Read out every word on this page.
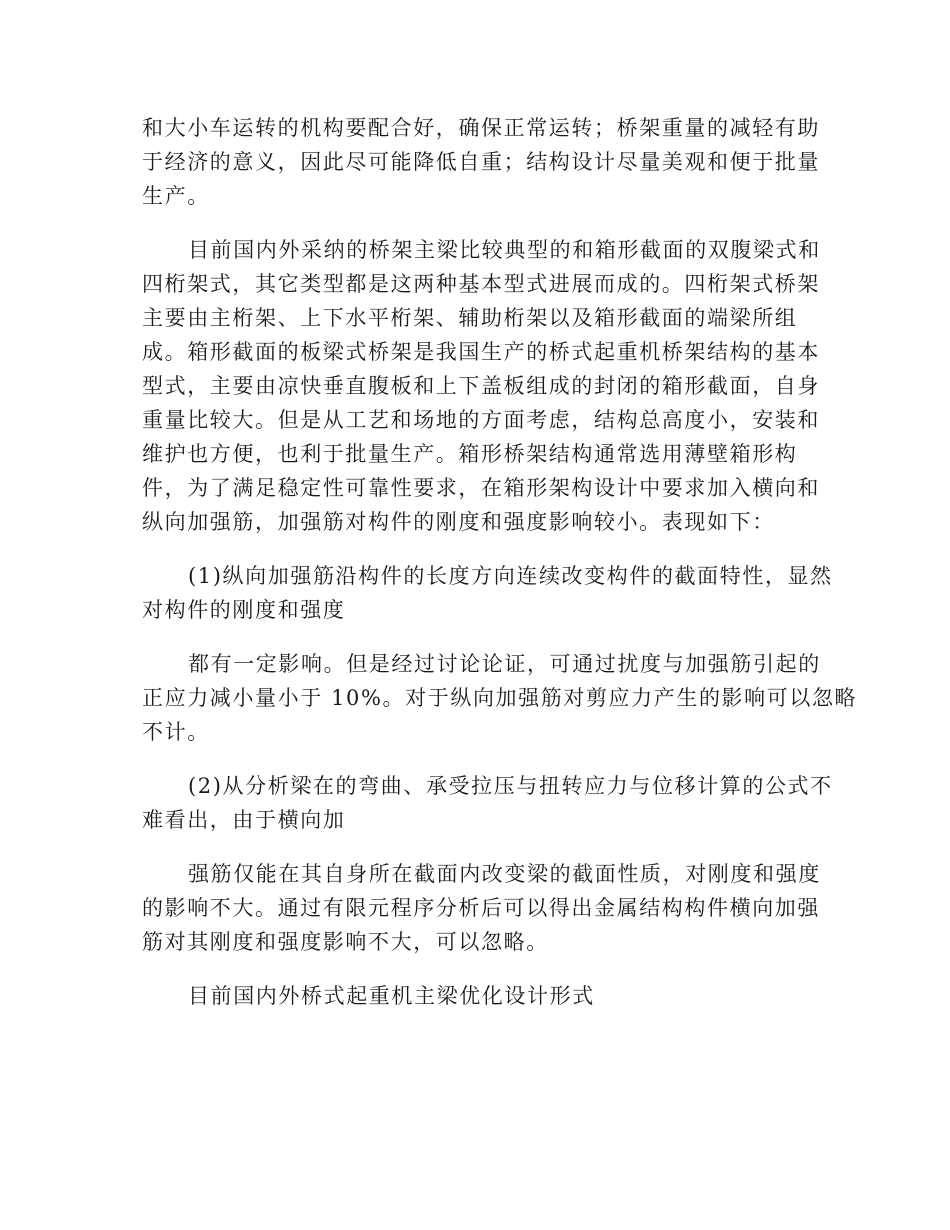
和大小车运转的机构要配合好，确保正常运转；桥架重量的减轻有助
于经济的意义，因此尽可能降低自重；结构设计尽量美观和便于批量
生产。
目前国内外采纳的桥架主梁比较典型的和箱形截面的双腹梁式和
四桁架式，其它类型都是这两种基本型式进展而成的。四桁架式桥架
主要由主桁架、上下水平桁架、辅助桁架以及箱形截面的端梁所组
成。箱形截面的板梁式桥架是我国生产的桥式起重机桥架结构的基本
型式，主要由凉快垂直腹板和上下盖板组成的封闭的箱形截面，自身
重量比较大。但是从工艺和场地的方面考虑，结构总高度小，安装和
维护也方便，也利于批量生产。箱形桥架结构通常选用薄壁箱形构
件，为了满足稳定性可靠性要求，在箱形架构设计中要求加入横向和
纵向加强筋，加强筋对构件的刚度和强度影响较小。表现如下：
(1)纵向加强筋沿构件的长度方向连续改变构件的截面特性，显然
对构件的刚度和强度
都有一定影响。但是经过讨论论证，可通过扰度与加强筋引起的
正应力减小量小于 10%。对于纵向加强筋对剪应力产生的影响可以忽略
不计。
(2)从分析梁在的弯曲、承受拉压与扭转应力与位移计算的公式不
难看出，由于横向加
强筋仅能在其自身所在截面内改变梁的截面性质，对刚度和强度
的影响不大。通过有限元程序分析后可以得出金属结构构件横向加强
筋对其刚度和强度影响不大，可以忽略。
目前国内外桥式起重机主梁优化设计形式
